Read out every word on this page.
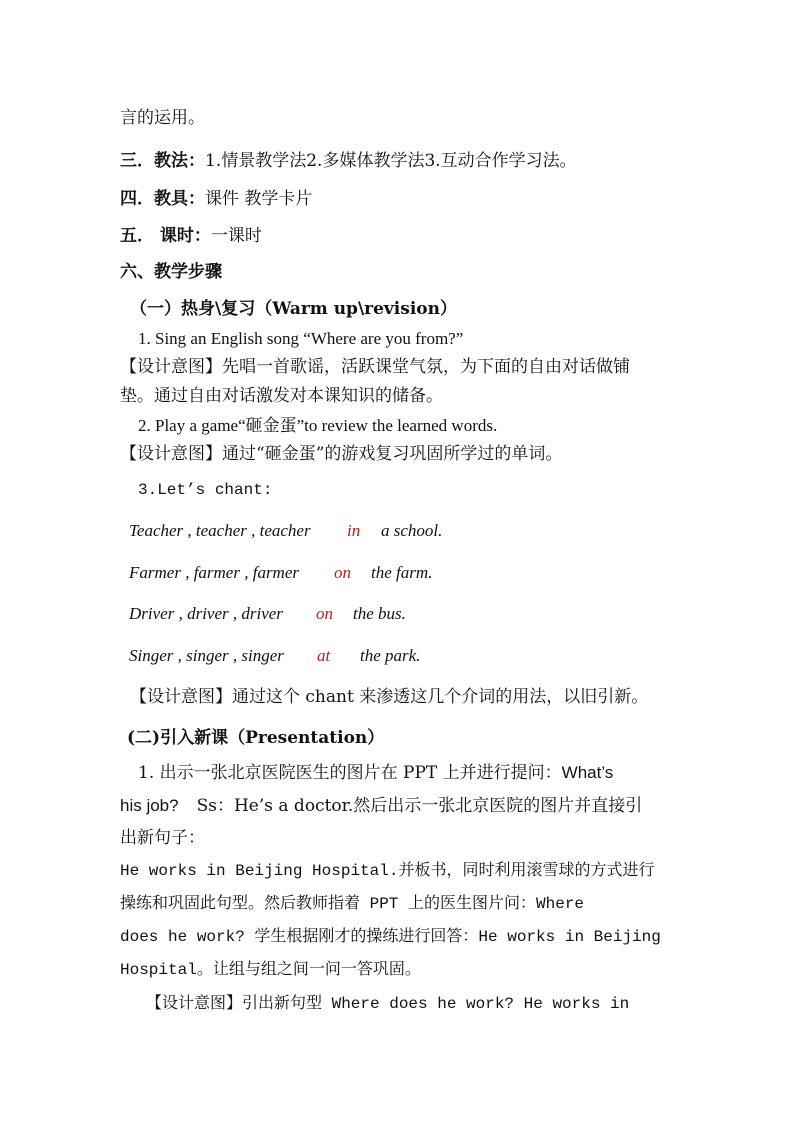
言的运用。
三．教法：1.情景教学法2.多媒体教学法3.互动合作学习法。
四．教具：课件 教学卡片
五． 课时：一课时
六、教学步骤
（一）热身\复习（Warm up\revision）
1. Sing an English song “Where are you from?”
【设计意图】先唱一首歌谣，活跃课堂气氛，为下面的自由对话做铺
垫。通过自由对话激发对本课知识的储备。
2. Play a game“砸金蛋”to review the learned words.
【设计意图】通过“砸金蛋”的游戏复习巩固所学过的单词。
3.Let’s chant:
Teacher , teacher , teacher in a school.
Farmer , farmer , farmer on the farm.
Driver , driver , driver on the bus.
Singer , singer , singer at the park.
【设计意图】通过这个 chant 来渗透这几个介词的用法，以旧引新。
(二)引入新课（Presentation）
1. 出示一张北京医院医生的图片在 PPT 上并进行提问：What’s
his job? Ss：He’s a doctor.然后出示一张北京医院的图片并直接引
出新句子：
He works in Beijing Hospital.并板书，同时利用滚雪球的方式进行
操练和巩固此句型。然后教师指着 PPT 上的医生图片问：Where
does he work? 学生根据刚才的操练进行回答：He works in Beijing
Hospital。让组与组之间一问一答巩固。
【设计意图】引出新句型 Where does he work? He works in
